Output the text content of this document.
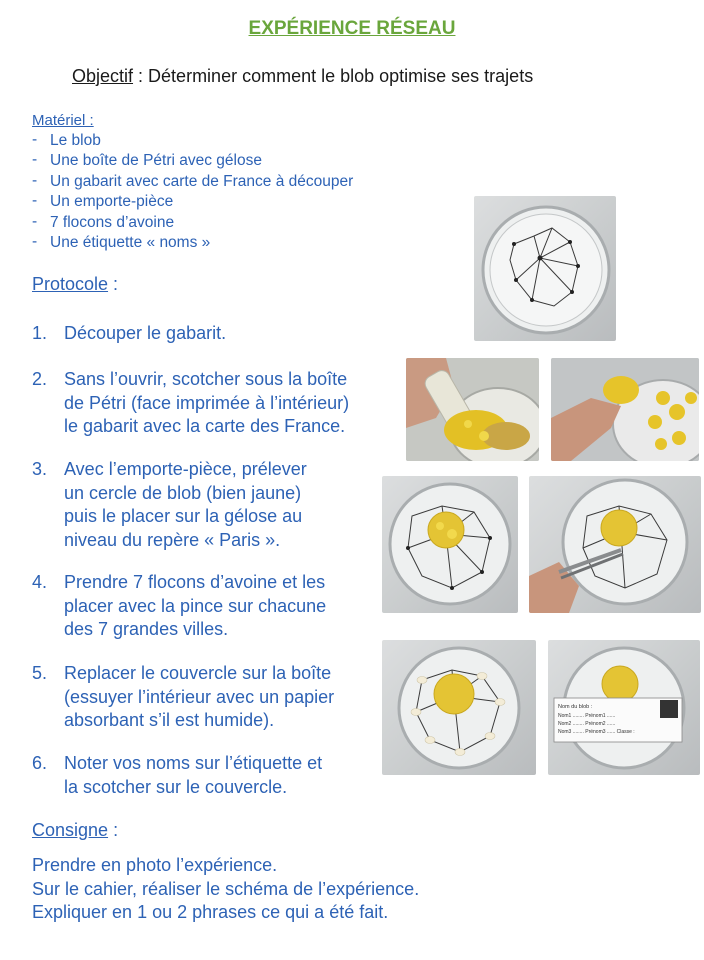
EXPÉRIENCE RÉSEAU
Objectif : Déterminer comment le blob optimise ses trajets
Matériel :
- Le blob
- Une boîte de Pétri avec gélose
- Un gabarit avec carte de France à découper
- Un emporte-pièce
- 7 flocons d’avoine
- Une étiquette « noms »
Protocole :
1. Découper le gabarit.
2. Sans l’ouvrir, scotcher sous la boîte
de Pétri (face imprimée à l’intérieur)
le gabarit avec la carte des France.
3. Avec l’emporte-pièce, prélever
un cercle de blob (bien jaune)
puis le placer sur la gélose au
niveau du repère « Paris ».
4. Prendre 7 flocons d’avoine et les
placer avec la pince sur chacune
des 7 grandes villes.
5. Replacer le couvercle sur la boîte
(essuyer l’intérieur avec un papier
absorbant s’il est humide).
6. Noter vos noms sur l’étiquette et
la scotcher sur le couvercle.
Consigne :
Prendre en photo l’expérience.
Sur le cahier, réaliser le schéma de l’expérience.
Expliquer en 1 ou 2 phrases ce qui a été fait.
Nom du blob :
Nom1 ........ Prénom1 ......
Nom2 ........ Prénom2 ......
Nom3 ........ Prénom3 ...... Classe :
